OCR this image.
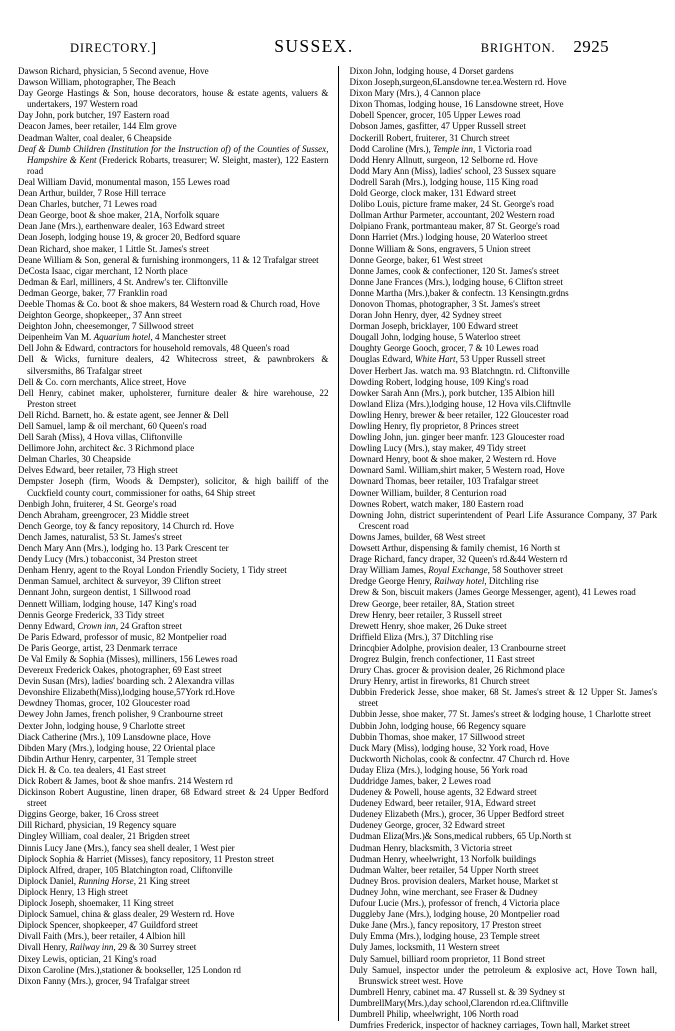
DIRECTORY.]	SUSSEX.	BRIGHTON. 2925

Dawson Richard, physician, 5 Second avenue, Hove

Dawson William, photographer, The Beach

Day George Hastings & Son, house decorators, house & estate agents, valuers & undertakers, 197 Western road

Day John, pork butcher, 197 Eastern road

Deacon James, beer retailer, 144 Elm grove

Deadman Walter, coal dealer, 6 Cheapside

Deaf & Dumb Children (Institution for the Instruction of) of the Counties of Sussex, Hampshire & Kent (Frederick Robarts, treasurer; W. Sleight, master), 122 Eastern road

Deal William David, monumental mason, 155 Lewes road

Dean Arthur, builder, 7 Rose Hill terrace

Dean Charles, butcher, 71 Lewes road

Dean George, boot & shoe maker, 21A, Norfolk square

Dean Jane (Mrs.), earthenware dealer, 163 Edward street

Dean Joseph, lodging house 19, & grocer 20, Bedford square

Dean Richard, shoe maker, 1 Little St. James's street

Deane William & Son, general & furnishing ironmongers, 11 & 12 Trafalgar street

DeCosta Isaac, cigar merchant, 12 North place

Dedman & Earl, milliners, 4 St. Andrew's ter. Cliftonville

Dedman George, baker, 77 Franklin road

Deeble Thomas & Co. boot & shoe makers, 84 Western road & Church road, Hove

Deighton George, shopkeeper,, 37 Ann street

Deighton John, cheesemonger, 7 Sillwood street

Deipenheim Van M. Aquarium hotel, 4 Manchester street

Dell John & Edward, contractors for household removals, 48 Queen's road

Dell & Wicks, furniture dealers, 42 Whitecross street, & pawnbrokers & silversmiths, 86 Trafalgar street

Dell & Co. corn merchants, Alice street, Hove

Dell Henry, cabinet maker, upholsterer, furniture dealer & hire warehouse, 22 Preston street

Dell Richd. Barnett, ho. & estate agent, see Jenner & Dell

Dell Samuel, lamp & oil merchant, 60 Queen's road

Dell Sarah (Miss), 4 Hova villas, Cliftonville

Dellimore John, architect &c. 3 Richmond place

Delman Charles, 30 Cheapside

Delves Edward, beer retailer, 73 High street

Dempster Joseph (firm, Woods & Dempster), solicitor, & high bailiff of the Cuckfield county court, commissioner for oaths, 64 Ship street

Denbigh John, fruiterer, 4 St. George's road

Dench Abraham, greengrocer, 23 Middle street

Dench George, toy & fancy repository, 14 Church rd. Hove

Dench James, naturalist, 53 St. James's street

Dench Mary Ann (Mrs.), lodging ho. 13 Park Crescent ter

Dendy Lucy (Mrs.) tobacconist, 34 Preston street

Denham Henry, agent to the Royal London Friendly Society, 1 Tidy street

Denman Samuel, architect & surveyor, 39 Clifton street

Dennant John, surgeon dentist, 1 Sillwood road

Dennett William, lodging house, 147 King's road

Dennis George Frederick, 33 Tidy street

Denny Edward, Crown inn, 24 Grafton street

De Paris Edward, professor of music, 82 Montpelier road

De Paris George, artist, 23 Denmark terrace

De Val Emily & Sophia (Misses), milliners, 156 Lewes road

Devereux Frederick Oakes, photographer, 69 East street

Devin Susan (Mrs), ladies' boarding sch. 2 Alexandra villas

Devonshire Elizabeth(Miss),lodging house,57York rd.Hove

Dewdney Thomas, grocer, 102 Gloucester road

Dewey John James, french polisher, 9 Cranbourne street

Dexter John, lodging house, 9 Charlotte street

Diack Catherine (Mrs.), 109 Lansdowne place, Hove

Dibden Mary (Mrs.), lodging house, 22 Oriental place

Dibdin Arthur Henry, carpenter, 31 Temple street

Dick H. & Co. tea dealers, 41 East street

Dick Robert & James, boot & shoe manfrs. 214 Western rd

Dickinson Robert Augustine, linen draper, 68 Edward street & 24 Upper Bedford street

Diggins George, baker, 16 Cross street

Dill Richard, physician, 19 Regency square

Dingley William, coal dealer, 21 Brigden street

Dinnis Lucy Jane (Mrs.), fancy sea shell dealer, 1 West pier

Diplock Sophia & Harriet (Misses), fancy repository, 11 Preston street

Diplock Alfred, draper, 105 Blatchington road, Cliftonville

Diplock Daniel, Running Horse, 21 King street

Diplock Henry, 13 High street

Diplock Joseph, shoemaker, 11 King street

Diplock Samuel, china & glass dealer, 29 Western rd. Hove

Diplock Spencer, shopkeeper, 47 Guildford street

Divall Faith (Mrs.), beer retailer, 4 Albion hill

Divall Henry, Railway inn, 29 & 30 Surrey street

Dixey Lewis, optician, 21 King's road

Dixon Caroline (Mrs.),stationer & bookseller, 125 London rd

Dixon Fanny (Mrs.), grocer, 94 Trafalgar street

Dixon John, lodging house, 4 Dorset gardens

Dixon Joseph,surgeon,6Lansdowne ter.ea.Western rd. Hove

Dixon Mary (Mrs.), 4 Cannon place

Dixon Thomas, lodging house, 16 Lansdowne street, Hove

Dobell Spencer, grocer, 105 Upper Lewes road

Dobson James, gasfitter, 47 Upper Russell street

Dockerill Robert, fruiterer, 31 Church street

Dodd Caroline (Mrs.), Temple inn, 1 Victoria road

Dodd Henry Allnutt, surgeon, 12 Selborne rd. Hove

Dodd Mary Ann (Miss), ladies' school, 23 Sussex square

Dodrell Sarah (Mrs.), lodging house, 115 King road

Dold George, clock maker, 131 Edward street

Dolibo Louis, picture frame maker, 24 St. George's road

Dollman Arthur Parmeter, accountant, 202 Western road

Dolpiano Frank, portmanteau maker, 87 St. George's road

Donn Harriet (Mrs.) lodging house, 20 Waterloo street

Donne William & Sons, engravers, 5 Union street

Donne George, baker, 61 West street

Donne James, cook & confectioner, 120 St. James's street

Donne Jane Frances (Mrs.), lodging house, 6 Clifton street

Donne Martha (Mrs.),baker & confectn. 13 Kensingtn.grdns

Donovon Thomas, photographer, 3 St. James's street

Doran John Henry, dyer, 42 Sydney street

Dorman Joseph, bricklayer, 100 Edward street

Dougall John, lodging house, 5 Waterloo street

Doughty George Gooch, grocer, 7 & 10 Lewes road

Douglas Edward, White Hart, 53 Upper Russell street

Dover Herbert Jas. watch ma. 93 Blatchngtn. rd. Cliftonville

Dowding Robert, lodging house, 109 King's road

Dowker Sarah Ann (Mrs.), pork butcher, 135 Albion hill

Dowland Eliza (Mrs.),lodging house, 12 Hova vils.Cliftnvlle

Dowling Henry, brewer & beer retailer, 122 Gloucester road

Dowling Henry, fly proprietor, 8 Princes street

Dowling John, jun. ginger beer manfr. 123 Gloucester road

Dowling Lucy (Mrs.), stay maker, 49 Tidy street

Downard Henry, boot & shoe maker, 2 Western rd. Hove

Downard Saml. William,shirt maker, 5 Western road, Hove

Downard Thomas, beer retailer, 103 Trafalgar street

Downer William, builder, 8 Centurion road

Downes Robert, watch maker, 180 Eastern road

Downing John, district superintendent of Pearl Life Assurance Company, 37 Park Crescent road

Downs James, builder, 68 West street

Dowsett Arthur, dispensing & family chemist, 16 North st

Drage Richard, fancy draper, 32 Queen's rd.&44 Western rd

Dray William James, Royal Exchange, 58 Southover street

Dredge George Henry, Railway hotel, Ditchling rise

Drew & Son, biscuit makers (James George Messenger, agent), 41 Lewes road

Drew George, beer retailer, 8A, Station street

Drew Henry, beer retailer, 3 Russell street

Drewett Henry, shoe maker, 26 Duke street

Driffield Eliza (Mrs.), 37 Ditchling rise

Drincqbier Adolphe, provision dealer, 13 Cranbourne street

Drogrez Bulgin, french confectioner, 11 East street

Drury Chas. grocer & provision dealer, 26 Richmond place

Drury Henry, artist in fireworks, 81 Church street

Dubbin Frederick Jesse, shoe maker, 68 St. James's street & 12 Upper St. James's street

Dubbin Jesse, shoe maker, 77 St. James's street & lodging house, 1 Charlotte street

Dubbin John, lodging house, 66 Regency square

Dubbin Thomas, shoe maker, 17 Sillwood street

Duck Mary (Miss), lodging house, 32 York road, Hove

Duckworth Nicholas, cook & confectnr. 47 Church rd. Hove

Duday Eliza (Mrs.), lodging house, 56 York road

Duddridge James, baker, 2 Lewes road

Dudeney & Powell, house agents, 32 Edward street

Dudeney Edward, beer retailer, 91A, Edward street

Dudeney Elizabeth (Mrs.), grocer, 36 Upper Bedford street

Dudeney George, grocer, 32 Edward street

Dudman Eliza(Mrs.)& Sons,medical rubbers, 65 Up.North st

Dudman Henry, blacksmith, 3 Victoria street

Dudman Henry, wheelwright, 13 Norfolk buildings

Dudman Walter, beer retailer, 54 Upper North street

Dudney Bros. provision dealers, Market house, Market st

Dudney John, wine merchant, see Fraser & Dudney

Dufour Lucie (Mrs.), professor of french, 4 Victoria place

Duggleby Jane (Mrs.), lodging house, 20 Montpelier road

Duke Jane (Mrs.), fancy repository, 17 Preston street

Duly Emma (Mrs.), lodging house, 23 Temple street

Duly James, locksmith, 11 Western street

Duly Samuel, billiard room proprietor, 11 Bond street

Duly Samuel, inspector under the petroleum & explosive act, Hove Town hall, Brunswick street west. Hove

Dumbrell Henry, cabinet ma. 47 Russell st. & 39 Sydney st

DumbrellMary(Mrs.),day school,Clarendon rd.ea.Cliftnville

Dumbrell Philip, wheelwright, 106 North road

Dumfries Frederick, inspector of hackney carriages, Town hall, Market street
